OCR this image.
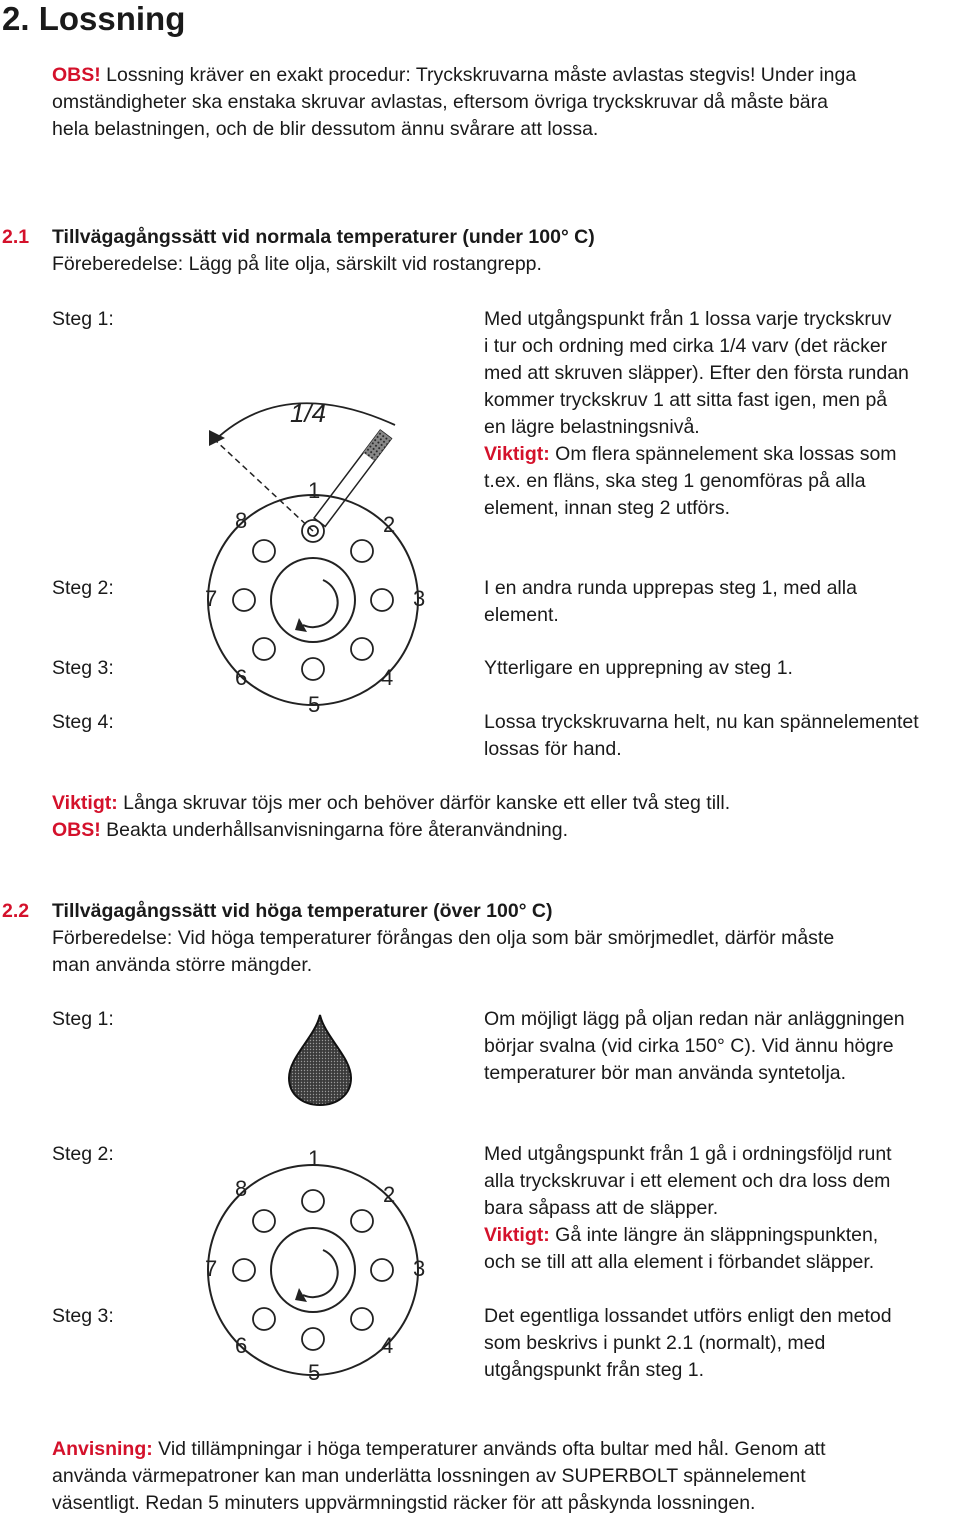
2. Lossning
OBS! Lossning kräver en exakt procedur: Tryckskruvarna måste avlastas stegvis! Under inga
omständigheter ska enstaka skruvar avlastas, eftersom övriga tryckskruvar då måste bära
hela belastningen, och de blir dessutom ännu svårare att lossa.
2.1 Tillvägagångssätt vid normala temperaturer (under 100° C)
Föreberedelse: Lägg på lite olja, särskilt vid rostangrepp.
Steg 1:
Steg 2:
Steg 3:
Steg 4:
Med utgångspunkt från 1 lossa varje tryckskruv
i tur och ordning med cirka 1/4 varv (det räcker
med att skruven släpper). Efter den första rundan
kommer tryckskruv 1 att sitta fast igen, men på
en lägre belastningsnivå.
Viktigt: Om flera spännelement ska lossas som
t.ex. en fläns, ska steg 1 genomföras på alla
element, innan steg 2 utförs.
I en andra runda upprepas steg 1, med alla
element.
Ytterligare en upprepning av steg 1.
Lossa tryckskruvarna helt, nu kan spännelementet
lossas för hand.
1/4
1
2
3
4
5
6
7
8
Viktigt: Långa skruvar töjs mer och behöver därför kanske ett eller två steg till.
OBS! Beakta underhållsanvisningarna före återanvändning.
2.2 Tillvägagångssätt vid höga temperaturer (över 100° C)
Förberedelse: Vid höga temperaturer förångas den olja som bär smörjmedlet, därför måste
man använda större mängder.
Steg 1:
Steg 2:
Steg 3:
Om möjligt lägg på oljan redan när anläggningen
börjar svalna (vid cirka 150° C). Vid ännu högre
temperaturer bör man använda syntetolja.
Med utgångspunkt från 1 gå i ordningsföljd runt
alla tryckskruvar i ett element och dra loss dem
bara såpass att de släpper.
Viktigt: Gå inte längre än släppningspunkten,
och se till att alla element i förbandet släpper.
Det egentliga lossandet utförs enligt den metod
som beskrivs i punkt 2.1 (normalt), med
utgångspunkt från steg 1.
1
2
3
4
5
6
7
8
Anvisning: Vid tillämpningar i höga temperaturer används ofta bultar med hål. Genom att
använda värmepatroner kan man underlätta lossningen av SUPERBOLT spännelement
väsentligt. Redan 5 minuters uppvärmningstid räcker för att påskynda lossningen.
